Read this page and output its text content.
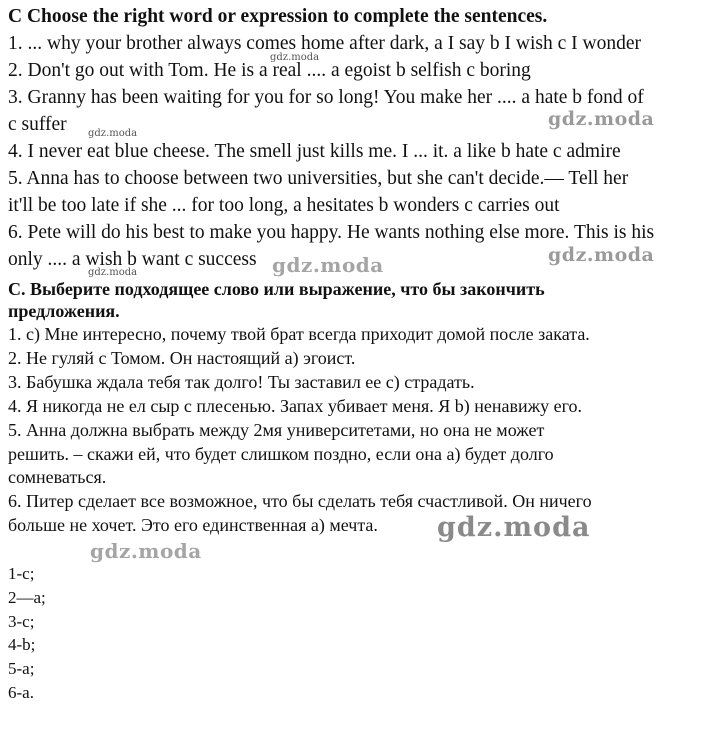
C Choose the right word or expression to complete the sentences.
1. ... why your brother always comes home after dark, a I say b I wish c I wonder
2. Don't go out with Tom. He is a real .... a egoist b selfish c boring
3. Granny has been waiting for you for so long! You make her .... a hate b fond of
c suffer
4. I never eat blue cheese. The smell just kills me. I ... it. a like b hate c admire
5. Anna has to choose between two universities, but she can't decide.— Tell her
it'll be too late if she ... for too long, a hesitates b wonders c carries out
6. Pete will do his best to make you happy. He wants nothing else more. This is his
only .... a wish b want c success
С. Выберите подходящее слово или выражение, что бы закончить
предложения.
1. c) Мне интересно, почему твой брат всегда приходит домой после заката.
2. Не гуляй с Томом. Он настоящий а) эгоист.
3. Бабушка ждала тебя так долго! Ты заставил ее c) страдать.
4. Я никогда не ел сыр с плесенью. Запах убивает меня. Я b) ненавижу его.
5. Анна должна выбрать между 2мя университетами, но она не может
решить. – скажи ей, что будет слишком поздно, если она а) будет долго
сомневаться.
6. Питер сделает все возможное, что бы сделать тебя счастливой. Он ничего
больше не хочет. Это его единственная а) мечта.
1-c;
2—a;
3-c;
4-b;
5-a;
6-a.
gdz.moda
gdz.moda
gdz.moda
gdz.moda
gdz.moda	gdz.moda
gdz.moda
gdz.moda
